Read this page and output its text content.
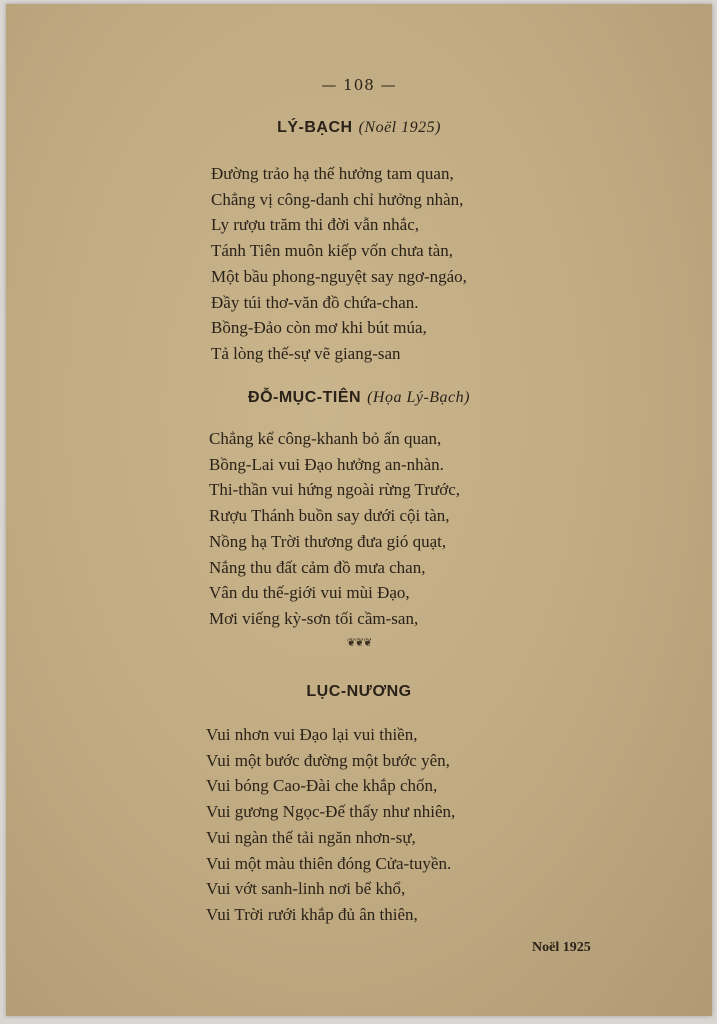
— 108 —
LÝ-BẠCH (Noël 1925)
Đường trảo hạ thế hưởng tam quan,
Chẳng vị công-danh chỉ hưởng nhàn,
Ly rượu trăm thi đời vẫn nhắc,
Tánh Tiên muôn kiếp vốn chưa tàn,
Một bầu phong-nguyệt say ngơ-ngáo,
Đầy túi thơ-văn đồ chứa-chan.
Bồng-Đảo còn mơ khi bút múa,
Tả lòng thế-sự vẽ giang-san
ĐỖ-MỤC-TIÊN (Họa Lý-Bạch)
Chẳng kể công-khanh bỏ ấn quan,
Bồng-Lai vui Đạo hưởng an-nhàn.
Thi-thần vui hứng ngoài rừng Trước,
Rượu Thánh buồn say dưới cội tàn,
Nồng hạ Trời thương đưa gió quạt,
Nắng thu đất cảm đồ mưa chan,
Vân du thế-giới vui mùi Đạo,
Mơi viếng kỳ-sơn tối cầm-san,
❦❦❦
LỤC-NƯƠNG
Vui nhơn vui Đạo lại vui thiền,
Vui một bước đường một bước yên,
Vui bóng Cao-Đài che khắp chốn,
Vui gương Ngọc-Đế thấy như nhiên,
Vui ngàn thế tải ngăn nhơn-sự,
Vui một màu thiên đóng Cửa-tuyền.
Vui vớt sanh-linh nơi bể khổ,
Vui Trời rưới khắp đủ ân thiên,
Noël 1925
